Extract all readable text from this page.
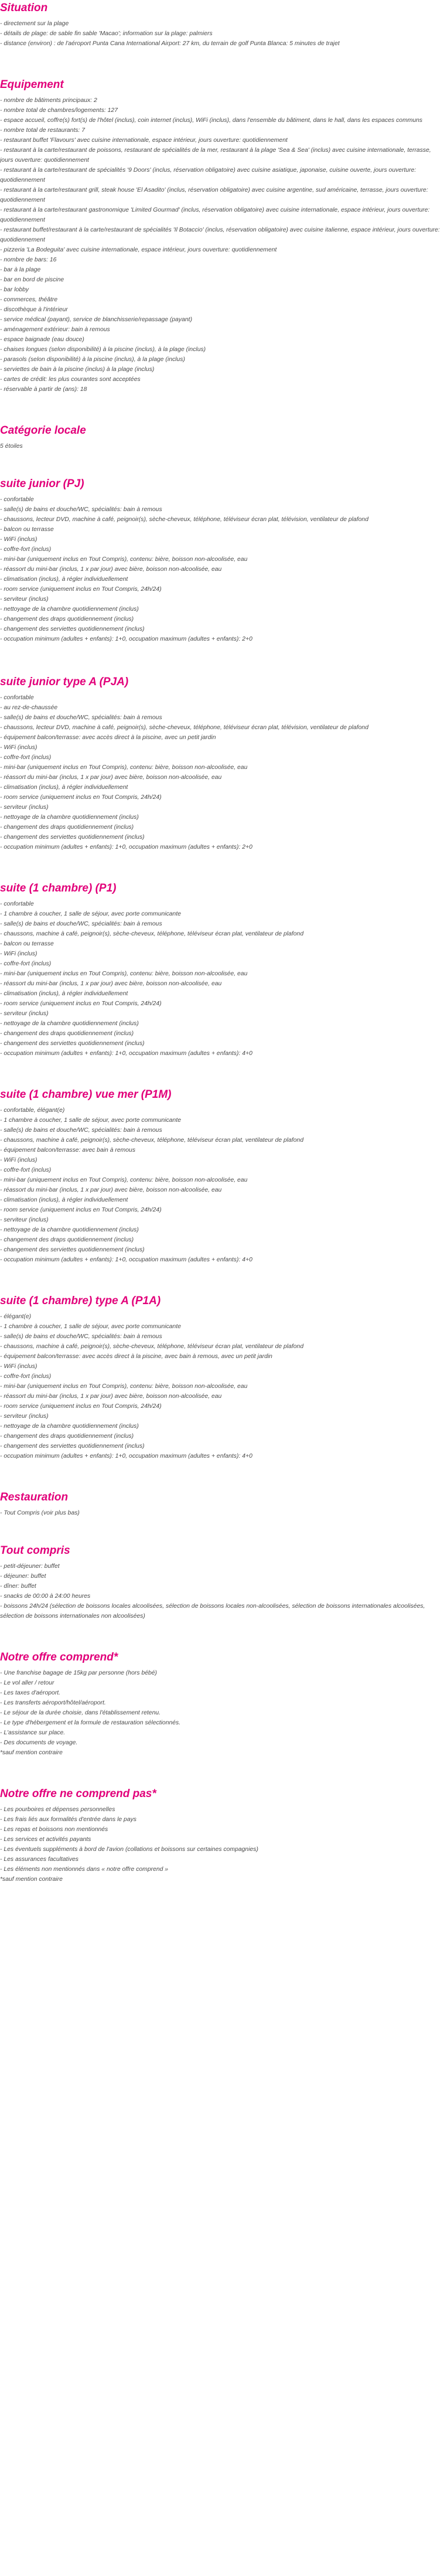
Situation

- directement sur la plage

- détails de plage: de sable fin sable 'Macao'; information sur la plage: palmiers

- distance (environ) : de l'aéroport Punta Cana International Airport: 27 km, du terrain de golf Punta Blanca: 5 minutes de trajet

Equipement

- nombre de bâtiments principaux: 2

- nombre total de chambres/logements: 127

- espace accueil, coffre(s) fort(s) de l'hôtel (inclus), coin internet (inclus), WiFi (inclus), dans l'ensemble du bâtiment, dans le hall, dans les espaces communs

- nombre total de restaurants: 7

- restaurant buffet 'Flavours' avec cuisine internationale, espace intérieur, jours ouverture: quotidiennement

- restaurant à la carte/restaurant de poissons, restaurant de spécialités de la mer, restaurant à la plage 'Sea & Sea' (inclus) avec cuisine internationale, terrasse, jours ouverture: quotidiennement

- restaurant à la carte/restaurant de spécialités '9 Doors' (inclus, réservation obligatoire) avec cuisine asiatique, japonaise, cuisine ouverte, jours ouverture: quotidiennement

- restaurant à la carte/restaurant grill, steak house 'El Asadito' (inclus, réservation obligatoire) avec cuisine argentine, sud américaine, terrasse, jours ouverture: quotidiennement

- restaurant à la carte/restaurant gastronomique 'Limited Gourmad' (inclus, réservation obligatoire) avec cuisine internationale, espace intérieur, jours ouverture: quotidiennement

- restaurant buffet/restaurant à la carte/restaurant de spécialités 'Il Botaccio' (inclus, réservation obligatoire) avec cuisine italienne, espace intérieur, jours ouverture: quotidiennement

- pizzeria 'La Bodeguita' avec cuisine internationale, espace intérieur, jours ouverture: quotidiennement

- nombre de bars: 16

- bar à la plage

- bar en bord de piscine

- bar lobby

- commerces, théâtre

- discothèque à l'intérieur

- service médical (payant), service de blanchisserie/repassage (payant)

- aménagement extérieur: bain à remous

- espace baignade (eau douce)

- chaises longues (selon disponibilité) à la piscine (inclus), à la plage (inclus)

- parasols (selon disponibilité) à la piscine (inclus), à la plage (inclus)

- serviettes de bain à la piscine (inclus) à la plage (inclus)

- cartes de crédit: les plus courantes sont acceptées

- réservable à partir de (ans): 18

Catégorie locale

5 étoiles

suite junior (PJ)

- confortable

- salle(s) de bains et douche/WC, spécialités: bain à remous

- chaussons, lecteur DVD, machine à café, peignoir(s), sèche-cheveux, téléphone, téléviseur écran plat, télévision, ventilateur de plafond

- balcon ou terrasse

- WiFi (inclus)

- coffre-fort (inclus)

- mini-bar (uniquement inclus en Tout Compris), contenu: bière, boisson non-alcoolisée, eau

- réassort du mini-bar (inclus, 1 x par jour) avec bière, boisson non-alcoolisée, eau

- climatisation (inclus), à régler individuellement

- room service (uniquement inclus en Tout Compris, 24h/24)

- servitеur (inclus)

- nettoyage de la chambre quotidiennement (inclus)

- changement des draps quotidiennement (inclus)

- changement des serviettes quotidiennement (inclus)

- occupation minimum (adultes + enfants): 1+0, occupation maximum (adultes + enfants): 2+0

suite junior type A (PJA)

- confortable

- au rez-de-chaussée

- salle(s) de bains et douche/WC, spécialités: bain à remous

- chaussons, lecteur DVD, machine à café, peignoir(s), sèche-cheveux, téléphone, téléviseur écran plat, télévision, ventilateur de plafond

- équipement balcon/terrasse: avec accès direct à la piscine, avec un petit jardin

- WiFi (inclus)

- coffre-fort (inclus)

- mini-bar (uniquement inclus en Tout Compris), contenu: bière, boisson non-alcoolisée, eau

- réassort du mini-bar (inclus, 1 x par jour) avec bière, boisson non-alcoolisée, eau

- climatisation (inclus), à régler individuellement

- room service (uniquement inclus en Tout Compris, 24h/24)

- servitеur (inclus)

- nettoyage de la chambre quotidiennement (inclus)

- changement des draps quotidiennement (inclus)

- changement des serviettes quotidiennement (inclus)

- occupation minimum (adultes + enfants): 1+0, occupation maximum (adultes + enfants): 2+0

suite (1 chambre) (P1)

- confortable

- 1 chambre à coucher, 1 salle de séjour, avec porte communicante

- salle(s) de bains et douche/WC, spécialités: bain à remous

- chaussons, machine à café, peignoir(s), sèche-cheveux, téléphone, téléviseur écran plat, ventilateur de plafond

- balcon ou terrasse

- WiFi (inclus)

- coffre-fort (inclus)

- mini-bar (uniquement inclus en Tout Compris), contenu: bière, boisson non-alcoolisée, eau

- réassort du mini-bar (inclus, 1 x par jour) avec bière, boisson non-alcoolisée, eau

- climatisation (inclus), à régler individuellement

- room service (uniquement inclus en Tout Compris, 24h/24)

- servitеur (inclus)

- nettoyage de la chambre quotidiennement (inclus)

- changement des draps quotidiennement (inclus)

- changement des serviettes quotidiennement (inclus)

- occupation minimum (adultes + enfants): 1+0, occupation maximum (adultes + enfants): 4+0

suite (1 chambre) vue mer (P1M)

- confortable, élégant(e)

- 1 chambre à coucher, 1 salle de séjour, avec porte communicante

- salle(s) de bains et douche/WC, spécialités: bain à remous

- chaussons, machine à café, peignoir(s), sèche-cheveux, téléphone, téléviseur écran plat, ventilateur de plafond

- équipement balcon/terrasse: avec bain à remous

- WiFi (inclus)

- coffre-fort (inclus)

- mini-bar (uniquement inclus en Tout Compris), contenu: bière, boisson non-alcoolisée, eau

- réassort du mini-bar (inclus, 1 x par jour) avec bière, boisson non-alcoolisée, eau

- climatisation (inclus), à régler individuellement

- room service (uniquement inclus en Tout Compris, 24h/24)

- servitеur (inclus)

- nettoyage de la chambre quotidiennement (inclus)

- changement des draps quotidiennement (inclus)

- changement des serviettes quotidiennement (inclus)

- occupation minimum (adultes + enfants): 1+0, occupation maximum (adultes + enfants): 4+0

suite (1 chambre) type A (P1A)

- élégant(e)

- 1 chambre à coucher, 1 salle de séjour, avec porte communicante

- salle(s) de bains et douche/WC, spécialités: bain à remous

- chaussons, machine à café, peignoir(s), sèche-cheveux, téléphone, téléviseur écran plat, ventilateur de plafond

- équipement balcon/terrasse: avec accès direct à la piscine, avec bain à remous, avec un petit jardin

- WiFi (inclus)

- coffre-fort (inclus)

- mini-bar (uniquement inclus en Tout Compris), contenu: bière, boisson non-alcoolisée, eau

- réassort du mini-bar (inclus, 1 x par jour) avec bière, boisson non-alcoolisée, eau

- room service (uniquement inclus en Tout Compris, 24h/24)

- servitеur (inclus)

- nettoyage de la chambre quotidiennement (inclus)

- changement des draps quotidiennement (inclus)

- changement des serviettes quotidiennement (inclus)

- occupation minimum (adultes + enfants): 1+0, occupation maximum (adultes + enfants): 4+0

Restauration

- Tout Compris (voir plus bas)

Tout compris

- petit-déjeuner: buffet

- déjeuner: buffet

- dîner: buffet

- snacks de 00:00 à 24:00 heures

- boissons 24h/24 (sélection de boissons locales alcoolisées, sélection de boissons locales non-alcoolisées, sélection de boissons internationales alcoolisées, sélection de boissons internationales non alcoolisées)

Notre offre comprend*

- Une franchise bagage de 15kg par personne (hors bébé)

- Le vol aller / retour

- Les taxes d'aéroport.

- Les transferts aéroport/hôtel/aéroport.

- Le séjour de la durée choisie, dans l'établissement retenu.

- Le type d'hébergement et la formule de restauration sélectionnés.

- L'assistance sur place.

- Des documents de voyage.

*sauf mention contraire

Notre offre ne comprend pas*

- Les pourboires et dépenses personnelles

- Les frais liés aux formalités d'entrée dans le pays

- Les repas et boissons non mentionnés

- Les services et activités payants

- Les éventuels suppléments à bord de l'avion (collations et boissons sur certaines compagnies)

- Les assurances facultatives

- Les éléments non mentionnés dans « notre offre comprend »

*sauf mention contraire
